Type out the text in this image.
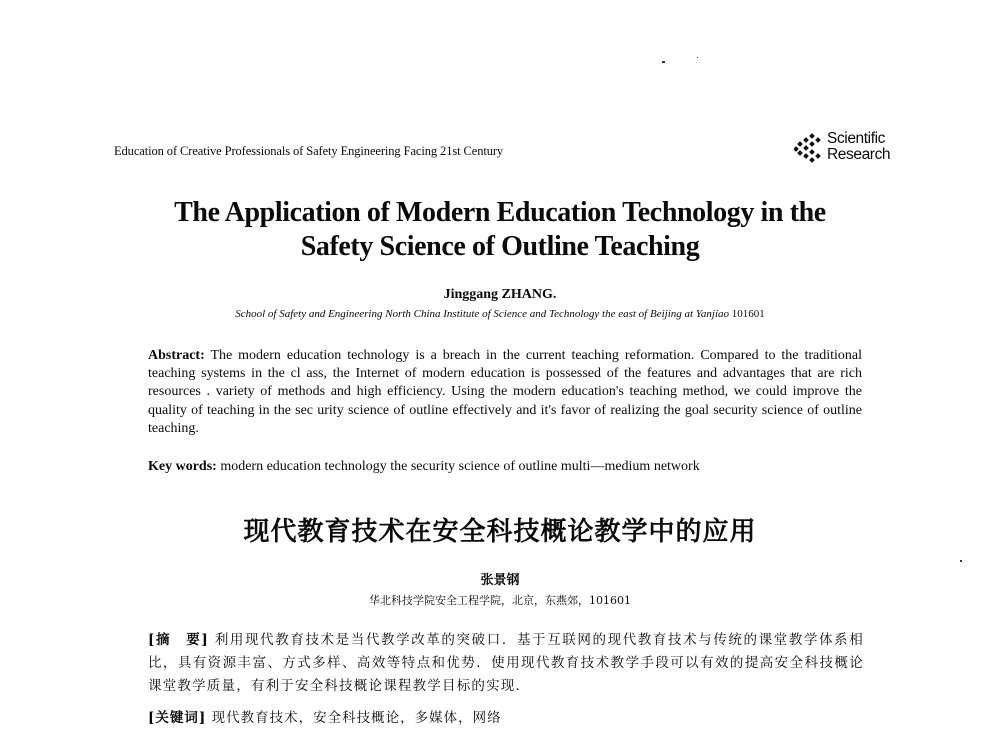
Education of Creative Professionals of Safety Engineering Facing 21st Century
Scientific
Research
The Application of Modern Education Technology in the
Safety Science of Outline Teaching
Jinggang ZHANG.
School of Safety and Engineering North China Institute of Science and Technology the east of Beijing at Yanjiao 101601
Abstract: The modern education technology is a breach in the current teaching reformation. Compared to the traditional teaching systems in the cl ass, the Internet of modern education is possessed of the features and advantages that are rich resources . variety of methods and high efficiency. Using the modern education's teaching method, we could improve the quality of teaching in the sec urity science of outline effectively and it's favor of realizing the goal security science of outline teaching.
Key words: modern education technology the security science of outline multi—medium network
现代教育技术在安全科技概论教学中的应用
张景钢
华北科技学院安全工程学院，北京，东燕郊，101601
[摘　要] 利用现代教育技术是当代教学改革的突破口．基于互联网的现代教育技术与传统的课堂教学体系相比，具有资源丰富、方式多样、高效等特点和优势．使用现代教育技术教学手段可以有效的提高安全科技概论课堂教学质量，有利于安全科技概论课程教学目标的实现．
[关键词] 现代教育技术，安全科技概论，多媒体，网络
